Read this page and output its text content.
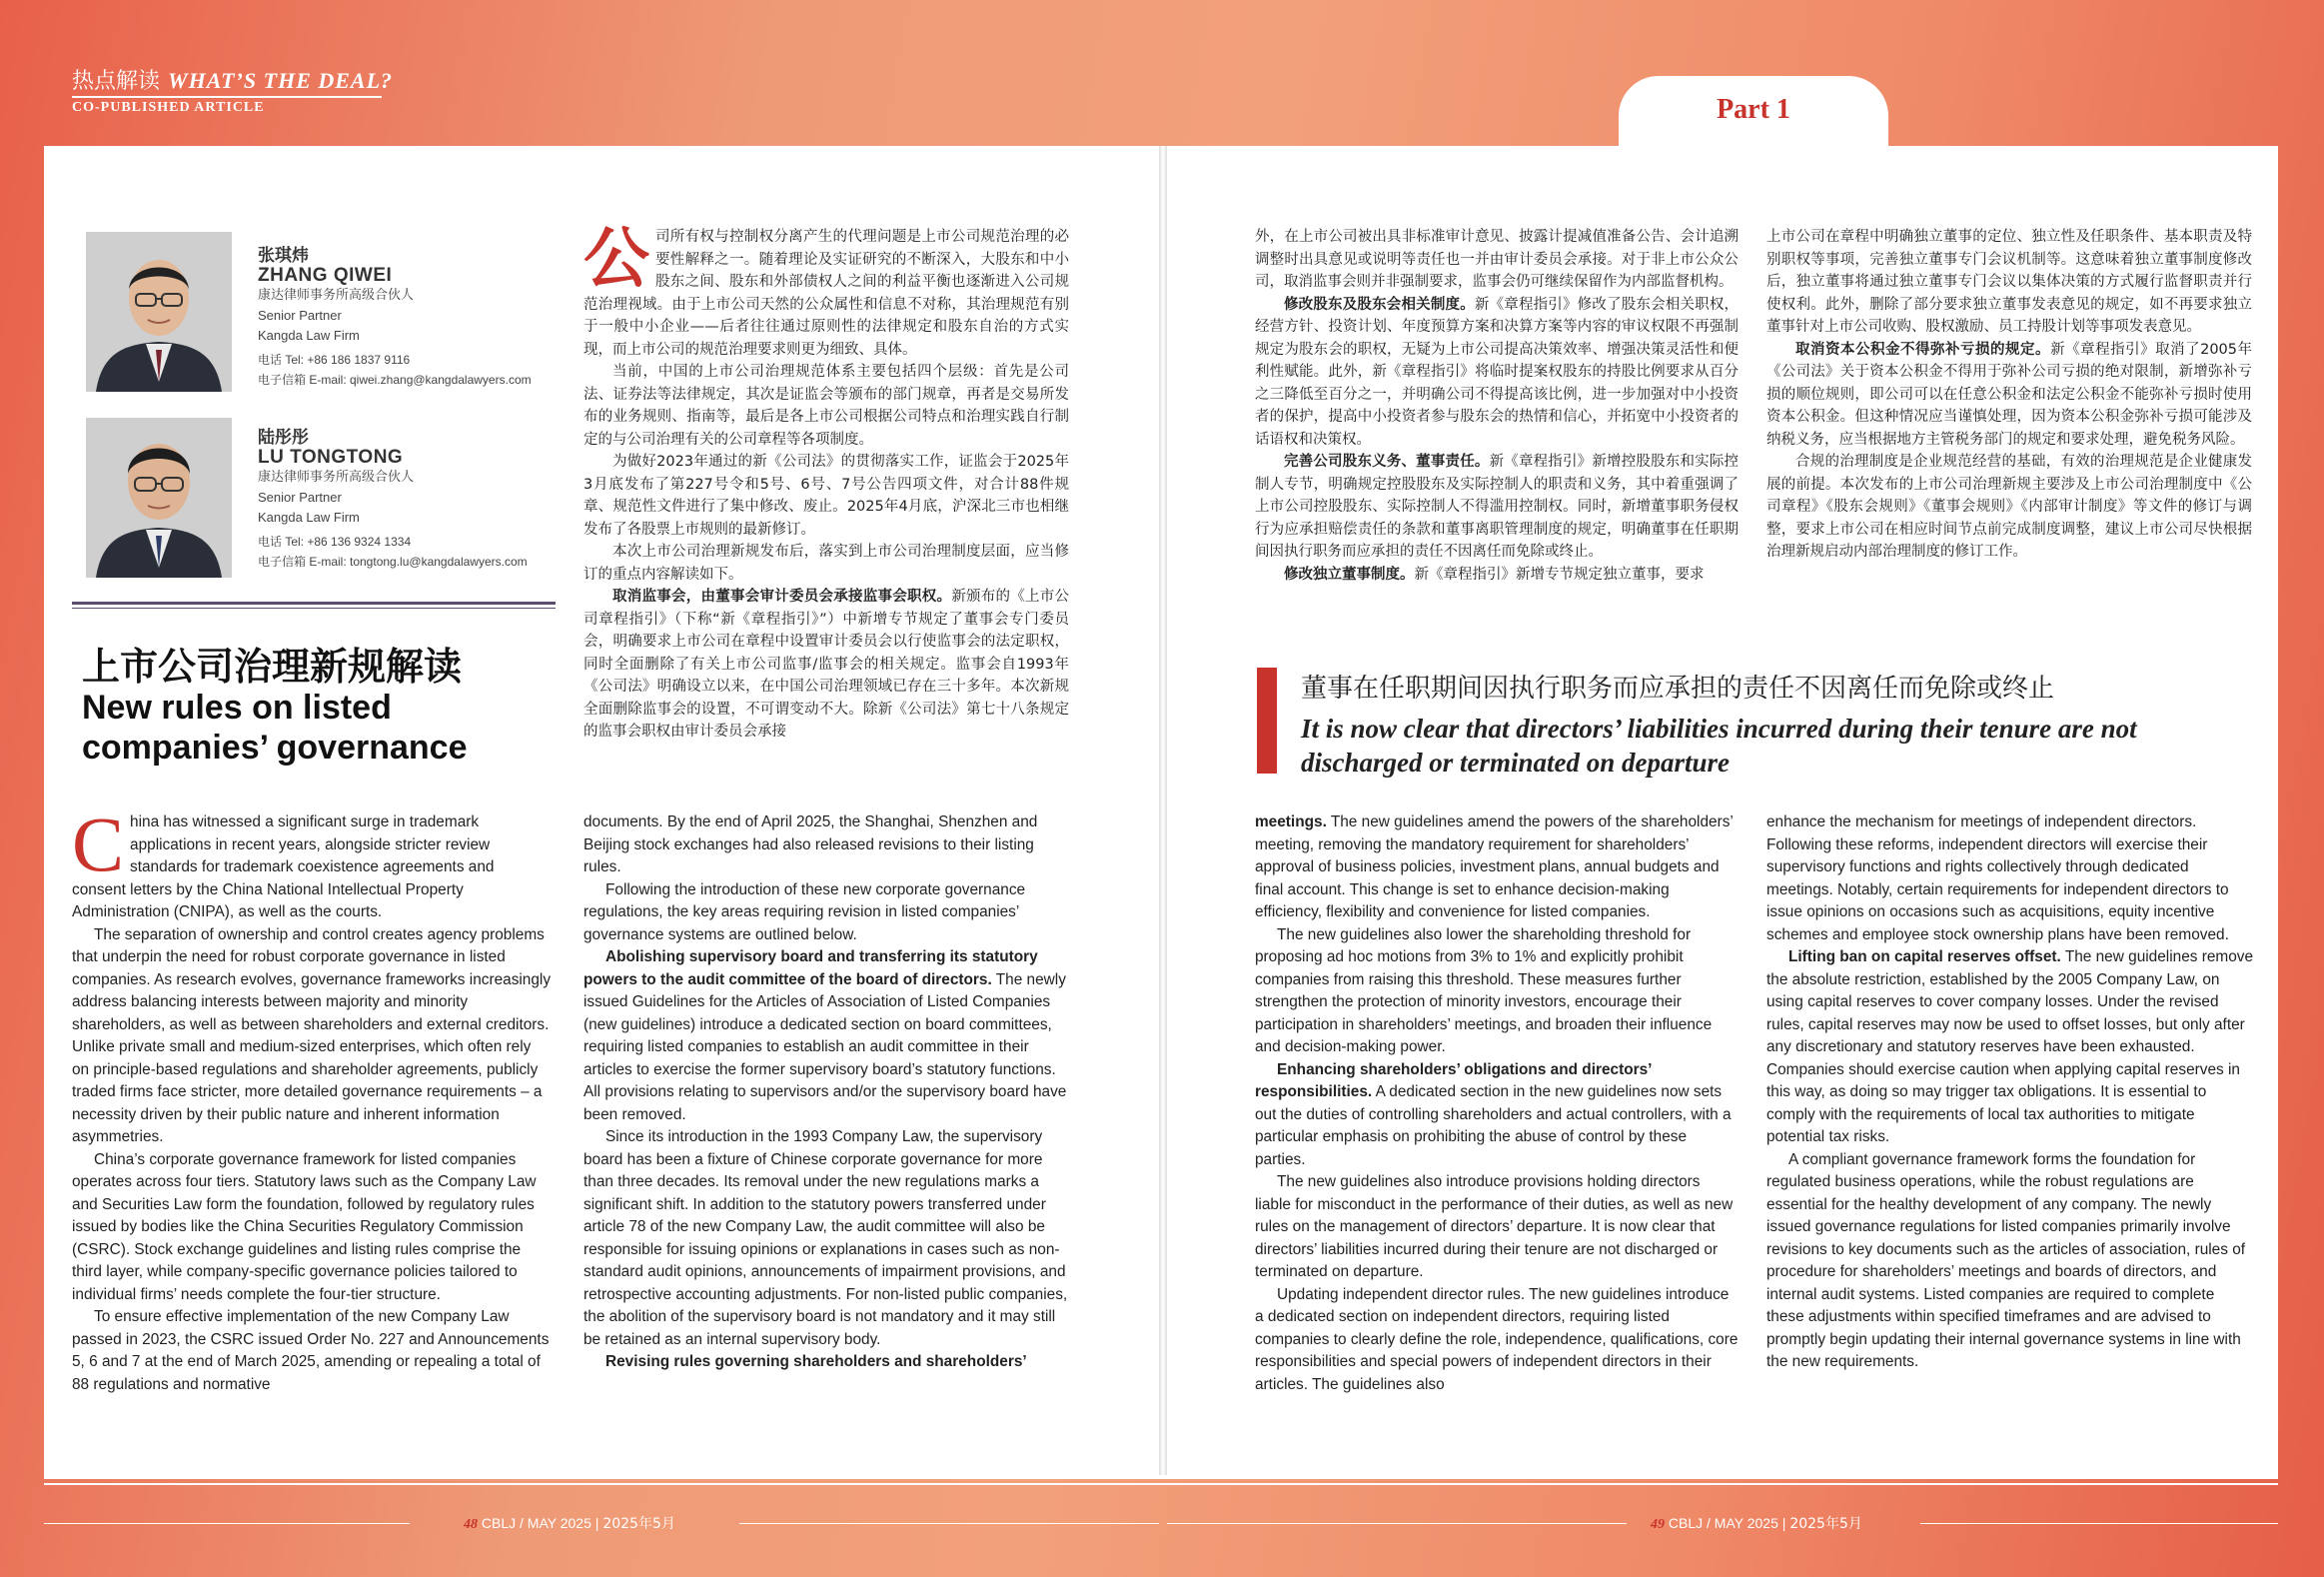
热点解读 WHAT’S THE DEAL?
CO-PUBLISHED ARTICLE	Part 1
张琪炜
ZHANG QIWEI
康达律师事务所高级合伙人
Senior Partner
Kangda Law Firm
电话 Tel: +86 186 1837 9116
电子信箱 E-mail: qiwei.zhang@kangdalawyers.com
陆彤彤
LU TONGTONG
康达律师事务所高级合伙人
Senior Partner
Kangda Law Firm
电话 Tel: +86 136 9324 1334
电子信箱 E-mail: tongtong.lu@kangdalawyers.com
上市公司治理新规解读
New rules on listed companies’ governance
公 司所有权与控制权分离产生的代理问题是上市公司规范治理的必要性解释之一。随着理论及实证研究的不断深入，大股东和中小股东之间、股东和外部债权人之间的利益平衡也逐渐进入公司规范治理视域。由于上市公司天然的公众属性和信息不对称，其治理规范有别于一般中小企业——后者往往通过原则性的法律规定和股东自治的方式实现，而上市公司的规范治理要求则更为细致、具体。

当前，中国的上市公司治理规范体系主要包括四个层级：首先是公司法、证券法等法律规定，其次是证监会等颁布的部门规章，再者是交易所发布的业务规则、指南等，最后是各上市公司根据公司特点和治理实践自行制定的与公司治理有关的公司章程等各项制度。

为做好2023年通过的新《公司法》的贯彻落实工作，证监会于2025年3月底发布了第227号令和5号、6号、7号公告四项文件，对合计88件规章、规范性文件进行了集中修改、废止。2025年4月底，沪深北三市也相继发布了各股票上市规则的最新修订。

本次上市公司治理新规发布后，落实到上市公司治理制度层面，应当修订的重点内容解读如下。

取消监事会，由董事会审计委员会承接监事会职权。新颁布的《上市公司章程指引》（下称“新《章程指引》”）中新增专节规定了董事会专门委员会，明确要求上市公司在章程中设置审计委员会以行使监事会的法定职权，同时全面删除了有关上市公司监事/监事会的相关规定。监事会自1993年《公司法》明确设立以来，在中国公司治理领域已存在三十多年。本次新规全面删除监事会的设置，不可谓变动不大。除新《公司法》第七十八条规定的监事会职权由审计委员会承接

C hina has witnessed a significant surge in trademark applications in recent years, alongside stricter review standards for trademark coexistence agreements and consent letters by the China National Intellectual Property Administration (CNIPA), as well as the courts.

The separation of ownership and control creates agency problems that underpin the need for robust corporate governance in listed companies. As research evolves, governance frameworks increasingly address balancing interests between majority and minority shareholders, as well as between shareholders and external creditors. Unlike private small and medium-sized enterprises, which often rely on principle-based regulations and shareholder agreements, publicly traded firms face stricter, more detailed governance requirements – a necessity driven by their public nature and inherent information asymmetries.

China’s corporate governance framework for listed companies operates across four tiers. Statutory laws such as the Company Law and Securities Law form the foundation, followed by regulatory rules issued by bodies like the China Securities Regulatory Commission (CSRC). Stock exchange guidelines and listing rules comprise the third layer, while company-specific governance policies tailored to individual firms’ needs complete the four-tier structure.

To ensure effective implementation of the new Company Law passed in 2023, the CSRC issued Order No. 227 and Announcements 5, 6 and 7 at the end of March 2025, amending or repealing a total of 88 regulations and normative

documents. By the end of April 2025, the Shanghai, Shenzhen and Beijing stock exchanges had also released revisions to their listing rules.

Following the introduction of these new corporate governance regulations, the key areas requiring revision in listed companies’ governance systems are outlined below.

Abolishing supervisory board and transferring its statutory powers to the audit committee of the board of directors. The newly issued Guidelines for the Articles of Association of Listed Companies (new guidelines) introduce a dedicated section on board committees, requiring listed companies to establish an audit committee in their articles to exercise the former supervisory board’s statutory functions. All provisions relating to supervisors and/or the supervisory board have been removed.

Since its introduction in the 1993 Company Law, the supervisory board has been a fixture of Chinese corporate governance for more than three decades. Its removal under the new regulations marks a significant shift. In addition to the statutory powers transferred under article 78 of the new Company Law, the audit committee will also be responsible for issuing opinions or explanations in cases such as non-standard audit opinions, announcements of impairment provisions, and retrospective accounting adjustments. For non-listed public companies, the abolition of the supervisory board is not mandatory and it may still be retained as an internal supervisory body.

Revising rules governing shareholders and shareholders’

外，在上市公司被出具非标准审计意见、披露计提减值准备公告、会计追溯调整时出具意见或说明等责任也一并由审计委员会承接。对于非上市公众公司，取消监事会则并非强制要求，监事会仍可继续保留作为内部监督机构。

修改股东及股东会相关制度。新《章程指引》修改了股东会相关职权，经营方针、投资计划、年度预算方案和决算方案等内容的审议权限不再强制规定为股东会的职权，无疑为上市公司提高决策效率、增强决策灵活性和便利性赋能。此外，新《章程指引》将临时提案权股东的持股比例要求从百分之三降低至百分之一，并明确公司不得提高该比例，进一步加强对中小投资者的保护，提高中小投资者参与股东会的热情和信心，并拓宽中小投资者的话语权和决策权。

完善公司股东义务、董事责任。新《章程指引》新增控股股东和实际控制人专节，明确规定控股股东及实际控制人的职责和义务，其中着重强调了上市公司控股股东、实际控制人不得滥用控制权。同时，新增董事职务侵权行为应承担赔偿责任的条款和董事离职管理制度的规定，明确董事在任职期间因执行职务而应承担的责任不因离任而免除或终止。

修改独立董事制度。新《章程指引》新增专节规定独立董事，要求

上市公司在章程中明确独立董事的定位、独立性及任职条件、基本职责及特别职权等事项，完善独立董事专门会议机制等。这意味着独立董事制度修改后，独立董事将通过独立董事专门会议以集体决策的方式履行监督职责并行使权利。此外，删除了部分要求独立董事发表意见的规定，如不再要求独立董事针对上市公司收购、股权激励、员工持股计划等事项发表意见。

取消资本公积金不得弥补亏损的规定。新《章程指引》取消了2005年《公司法》关于资本公积金不得用于弥补公司亏损的绝对限制，新增弥补亏损的顺位规则，即公司可以在任意公积金和法定公积金不能弥补亏损时使用资本公积金。但这种情况应当谨慎处理，因为资本公积金弥补亏损可能涉及纳税义务，应当根据地方主管税务部门的规定和要求处理，避免税务风险。

合规的治理制度是企业规范经营的基础，有效的治理规范是企业健康发展的前提。本次发布的上市公司治理新规主要涉及上市公司治理制度中《公司章程》《股东会规则》《董事会规则》《内部审计制度》等文件的修订与调整，要求上市公司在相应时间节点前完成制度调整，建议上市公司尽快根据治理新规启动内部治理制度的修订工作。

董事在任职期间因执行职务而应承担的责任不因离任而免除或终止
It is now clear that directors’ liabilities incurred during their tenure are not discharged or terminated on departure

meetings. The new guidelines amend the powers of the shareholders’ meeting, removing the mandatory requirement for shareholders’ approval of business policies, investment plans, annual budgets and final account. This change is set to enhance decision-making efficiency, flexibility and convenience for listed companies.

The new guidelines also lower the shareholding threshold for proposing ad hoc motions from 3% to 1% and explicitly prohibit companies from raising this threshold. These measures further strengthen the protection of minority investors, encourage their participation in shareholders’ meetings, and broaden their influence and decision-making power.

Enhancing shareholders’ obligations and directors’ responsibilities. A dedicated section in the new guidelines now sets out the duties of controlling shareholders and actual controllers, with a particular emphasis on prohibiting the abuse of control by these parties.

The new guidelines also introduce provisions holding directors liable for misconduct in the performance of their duties, as well as new rules on the management of directors’ departure. It is now clear that directors’ liabilities incurred during their tenure are not discharged or terminated on departure.

Updating independent director rules. The new guidelines introduce a dedicated section on independent directors, requiring listed companies to clearly define the role, independence, qualifications, core responsibilities and special powers of independent directors in their articles. The guidelines also

enhance the mechanism for meetings of independent directors. Following these reforms, independent directors will exercise their supervisory functions and rights collectively through dedicated meetings. Notably, certain requirements for independent directors to issue opinions on occasions such as acquisitions, equity incentive schemes and employee stock ownership plans have been removed.

Lifting ban on capital reserves offset. The new guidelines remove the absolute restriction, established by the 2005 Company Law, on using capital reserves to cover company losses. Under the revised rules, capital reserves may now be used to offset losses, but only after any discretionary and statutory reserves have been exhausted. Companies should exercise caution when applying capital reserves in this way, as doing so may trigger tax obligations. It is essential to comply with the requirements of local tax authorities to mitigate potential tax risks.

A compliant governance framework forms the foundation for regulated business operations, while the robust regulations are essential for the healthy development of any company. The newly issued governance regulations for listed companies primarily involve revisions to key documents such as the articles of association, rules of procedure for shareholders’ meetings and boards of directors, and internal audit systems. Listed companies are required to complete these adjustments within specified timeframes and are advised to promptly begin updating their internal governance systems in line with the new requirements.

48 CBLJ / MAY 2025 | 2025年5月	49 CBLJ / MAY 2025 | 2025年5月
